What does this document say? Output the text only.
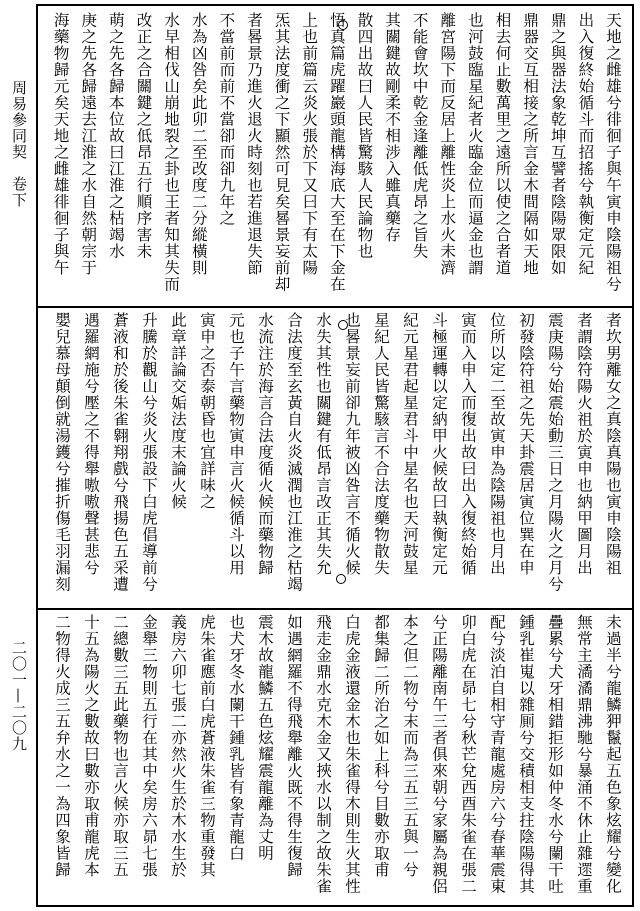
周易參同契　卷下
二〇一—二〇九
天地之雌雄兮徘徊子與午寅申陰陽祖兮
出入復終始循斗而招搖兮執衡定元紀
鼎之與器法象乾坤互譬者陰陽眾限如
鼎器交互相接之所言金木間隔如天地
相去何止數萬里之遠所以使之合者道
也河鼓臨星紀者火臨金位而逼金也謂
離宮陽下而反居上離性炎上水火未濟
不能會坎中乾金逢離低虎昂之旨失
其關鍵故剛柔不相涉入雖真藥存
散四出故曰人民皆驚駭人民論物也
悟真篇虎躍巖頭龍構海底大至在下金在
上也前篇云炎火張於下又曰下有太陽
炁其法度衝之下顯然可見矣晷景妄前却
者晷景乃進火退火時刻也若進退失節
不當前而前不當卻而卻九年之
水為凶咎矣此卯二至改度二分縱橫則
水早相伐山崩地裂之卦也王者知其失而
改正之合關鍵之低昂五行順序害未
萌之先各歸本位故曰江淮之枯竭水
庚之先各歸遠去江淮之水自然朝宗于
海藥物歸元矣天地之雌雄徘徊子與午
者坎男離女之真陰真陽也寅申陰陽祖
者謂陰符陽火祖於寅申也納甲圖月出
震庚陽兮始震始動三日之月陽火之月兮
初發陰符祖之先天卦震居寅位巽在申
位所以定二至故寅申為陰陽祖也月出
寅而入申入而復出故曰出入復終始循
斗極運轉以定納甲火候故曰執衡定元
紀元星君起星君斗中星名也天河鼓星
星紀人民皆驚駭言不合法度藥物散失
也晷景妄前卻九年被凶咎言不循火候
水失其性也關鍵有低昂言改正其失允
合法度至玄黃自火炎滅潤也江淮之枯竭
水流注於海言合法度循火候而藥物歸
元也子午言藥物寅申言火候循斗以用
寅申之否泰朝昏也宜詳味之
此章詳論交姤法度末論火候
升騰於觀山兮炎火張設下白虎倡導前兮
蒼液和於後朱雀翱翔戲兮飛揚色五采遭
遇羅網施兮壓之不得舉嗷嗷聲甚悲兮
嬰兒慕母顛倒就湯鑊兮摧折傷毛羽漏刻
未過半兮龍鱗狎鬣起五色象炫耀兮變化
無常主潏潏鼎沸馳兮暴涌不休止雜遝重
疊累兮犬牙相錯拒形如仲冬水兮闌干吐
鍾乳崔嵬以雜厠兮交積相支拄陰陽得其
配兮淡泊自相守青龍處房六兮春華震東
卯白虎在昴七兮秋芒兌西酉朱雀在張二
兮正陽離南午三者俱來朝兮家屬為親侶
本之但二物兮末而為三五三五與一兮
都集歸二所治之如上科兮目數亦取甫
白虎金液還金木也朱雀得木則生火其性
飛走金鼎水克木金又挾水以制之故朱雀
如遇網羅不得飛舉離火既不得生復歸
震木故龍鱗五色炫耀震龍離為丈明
也犬牙冬水闌干鍾乳皆有象青龍白
虎朱雀應前白虎蒼液朱雀三物重發其
義房六卯七張二亦然火生於木水生於
金舉三物則五行在其中矣房六昴七張
二總數三五此藥物也言火候亦取三五
十五為陽火之數故曰數亦取甫龍虎本
二物得火成三五弁水之一為四象皆歸
